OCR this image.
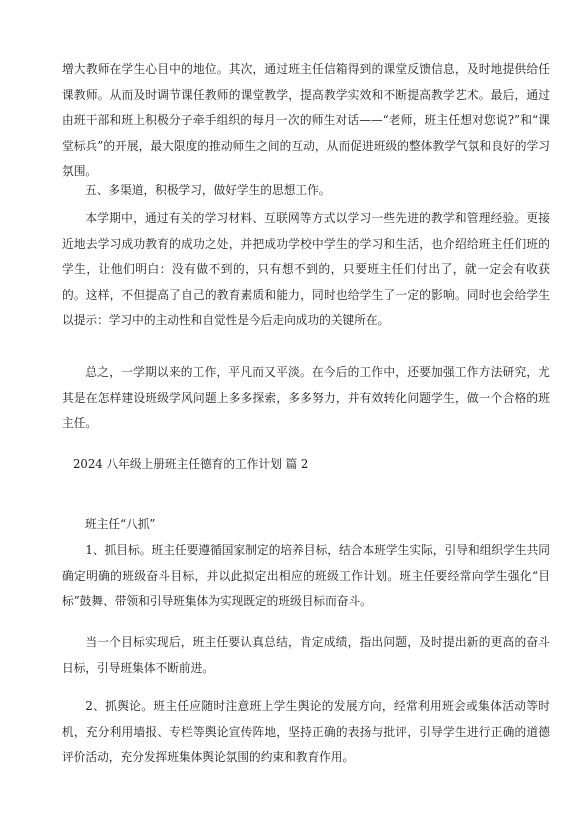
增大教师在学生心目中的地位。其次，通过班主任信箱得到的课堂反馈信息，及时地提供给任课教师。从而及时调节课任教师的课堂教学，提高教学实效和不断提高教学艺术。最后，通过由班干部和班上积极分子牵手组织的每月一次的师生对话——“老师，班主任想对您说?”和“课堂标兵”的开展，最大限度的推动师生之间的互动，从而促进班级的整体教学气氛和良好的学习氛围。

五、多渠道，积极学习，做好学生的思想工作。

本学期中，通过有关的学习材料、互联网等方式以学习一些先进的教学和管理经验。更接近地去学习成功教育的成功之处，并把成功学校中学生的学习和生活，也介绍给班主任们班的学生，让他们明白：没有做不到的，只有想不到的，只要班主任们付出了，就一定会有收获的。这样，不但提高了自己的教育素质和能力，同时也给学生了一定的影响。同时也会给学生以提示：学习中的主动性和自觉性是今后走向成功的关键所在。

总之，一学期以来的工作，平凡而又平淡。在今后的工作中，还要加强工作方法研究，尤其是在怎样建设班级学风问题上多多探索，多多努力，并有效转化问题学生，做一个合格的班主任。

2024 八年级上册班主任德育的工作计划 篇 2

班主任“八抓”

1、抓目标。班主任要遵循国家制定的培养目标，结合本班学生实际，引导和组织学生共同确定明确的班级奋斗目标，并以此拟定出相应的班级工作计划。班主任要经常向学生强化“目标”鼓舞、带领和引导班集体为实现既定的班级目标而奋斗。

当一个目标实现后，班主任要认真总结，肯定成绩，指出问题，及时提出新的更高的奋斗日标，引导班集体不断前进。

2、抓舆论。班主任应随时注意班上学生舆论的发展方向，经常利用班会或集体活动等时机，充分利用墙报、专栏等舆论宣传阵地，坚持正确的表扬与批评，引导学生进行正确的道德评价活动，充分发挥班集体舆论氛围的约束和教育作用。
